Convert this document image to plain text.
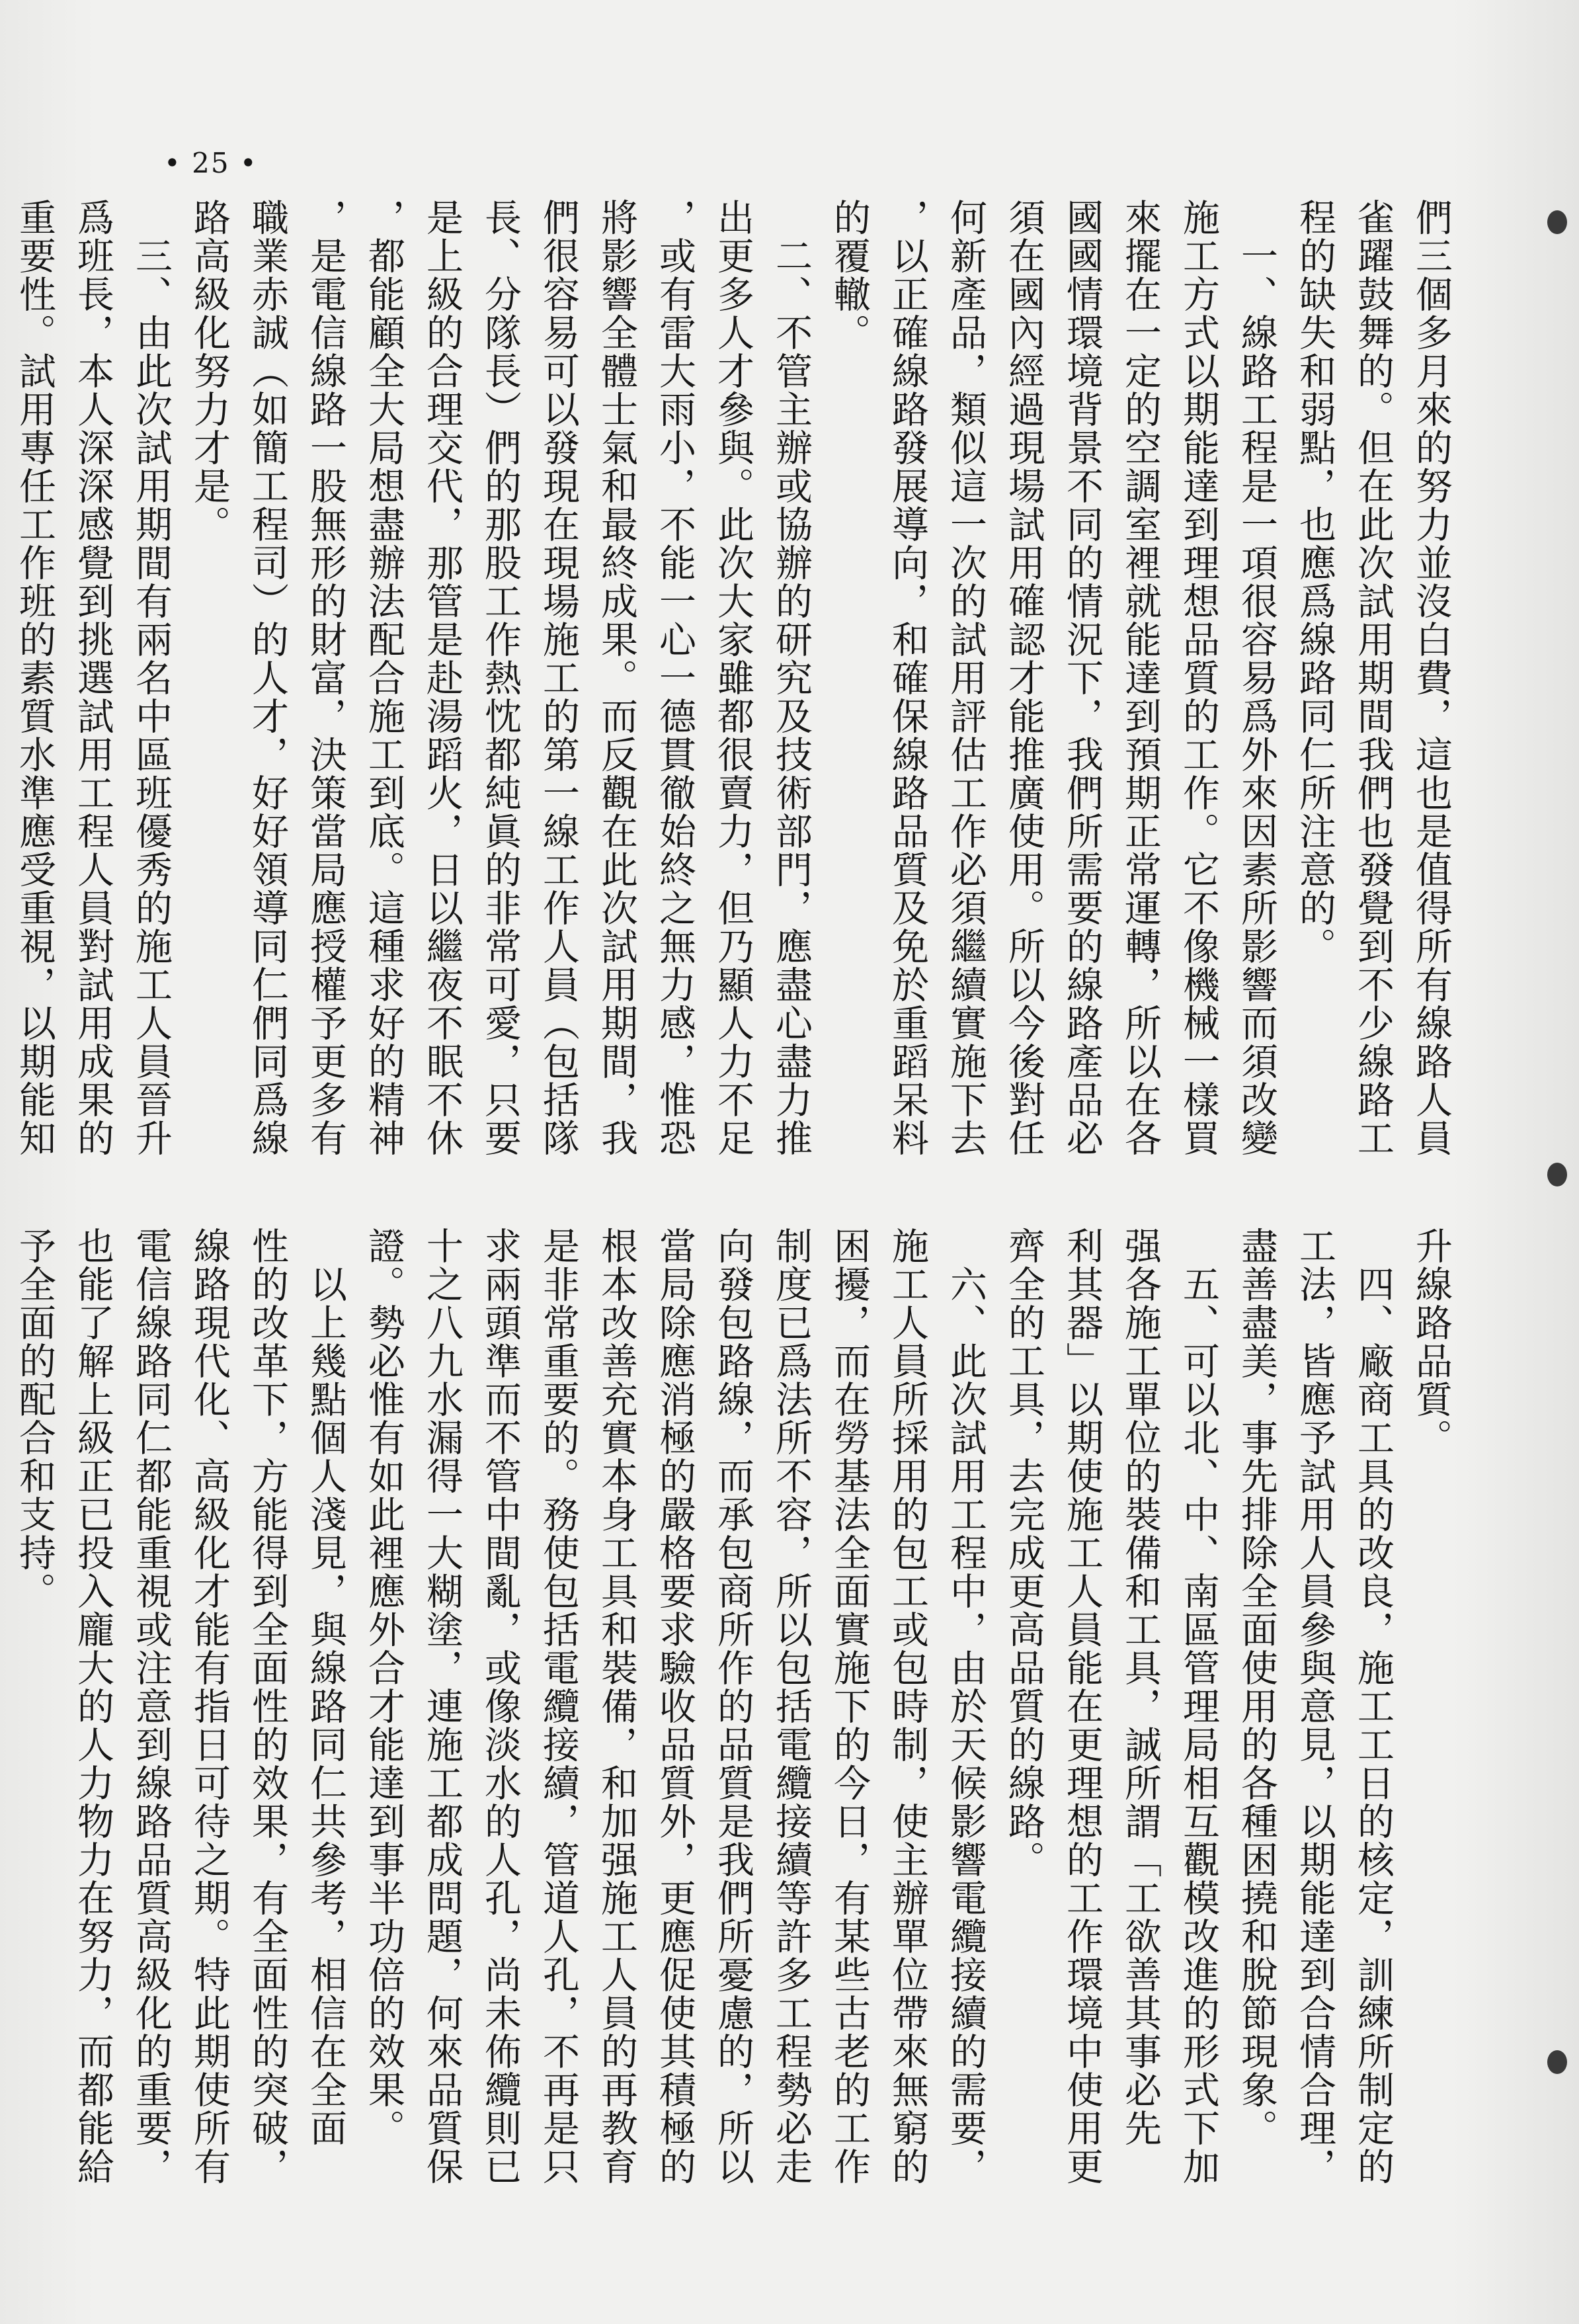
• 25 •

們三個多月來的努力並沒白費，這也是值得所有線路人員

雀躍鼓舞的。但在此次試用期間我們也發覺到不少線路工

程的缺失和弱點，也應爲線路同仁所注意的。

　一、線路工程是一項很容易爲外來因素所影響而須改變

施工方式以期能達到理想品質的工作。它不像機械一樣買

來擺在一定的空調室裡就能達到預期正常運轉，所以在各

國國情環境背景不同的情況下，我們所需要的線路產品必

須在國內經過現場試用確認才能推廣使用。所以今後對任

何新產品，類似這一次的試用評估工作必須繼續實施下去

，以正確線路發展導向，和確保線路品質及免於重蹈呆料

的覆轍。

　二、不管主辦或協辦的研究及技術部門，應盡心盡力推

出更多人才參與。此次大家雖都很賣力，但乃顯人力不足

，或有雷大雨小，不能一心一德貫徹始終之無力感，惟恐

將影響全體士氣和最終成果。而反觀在此次試用期間，我

們很容易可以發現在現場施工的第一線工作人員（包括隊

長、分隊長）們的那股工作熱忱都純眞的非常可愛，只要

是上級的合理交代，那管是赴湯蹈火，日以繼夜不眠不休

，都能顧全大局想盡辦法配合施工到底。這種求好的精神

，是電信線路一股無形的財富，決策當局應授權予更多有

職業赤誠（如簡工程司）的人才，好好領導同仁們同爲線

路高級化努力才是。

　三、由此次試用期間有兩名中區班優秀的施工人員晉升

爲班長，本人深深感覺到挑選試用工程人員對試用成果的

重要性。試用專任工作班的素質水準應受重視，以期能知

升線路品質。

　四、廠商工具的改良，施工工日的核定，訓練所制定的

工法，皆應予試用人員參與意見，以期能達到合情合理，

盡善盡美，事先排除全面使用的各種困撓和脫節現象。

　五、可以北、中、南區管理局相互觀模改進的形式下加

强各施工單位的裝備和工具，誠所謂「工欲善其事必先

利其器」以期使施工人員能在更理想的工作環境中使用更

齊全的工具，去完成更高品質的線路。

　六、此次試用工程中，由於天候影響電纜接續的需要，

施工人員所採用的包工或包時制，使主辦單位帶來無窮的

困擾，而在勞基法全面實施下的今日，有某些古老的工作

制度已爲法所不容，所以包括電纜接續等許多工程勢必走

向發包路線，而承包商所作的品質是我們所憂慮的，所以

當局除應消極的嚴格要求驗收品質外，更應促使其積極的

根本改善充實本身工具和裝備，和加强施工人員的再教育

是非常重要的。務使包括電纜接續，管道人孔，不再是只

求兩頭準而不管中間亂，或像淡水的人孔，尚未佈纜則已

十之八九水漏得一大糊塗，連施工都成問題，何來品質保

證。勢必惟有如此裡應外合才能達到事半功倍的效果。

　以上幾點個人淺見，與線路同仁共參考，相信在全面

性的改革下，方能得到全面性的效果，有全面性的突破，

線路現代化、高級化才能有指日可待之期。特此期使所有

電信線路同仁都能重視或注意到線路品質高級化的重要，

也能了解上級正已投入龐大的人力物力在努力，而都能給

予全面的配合和支持。
